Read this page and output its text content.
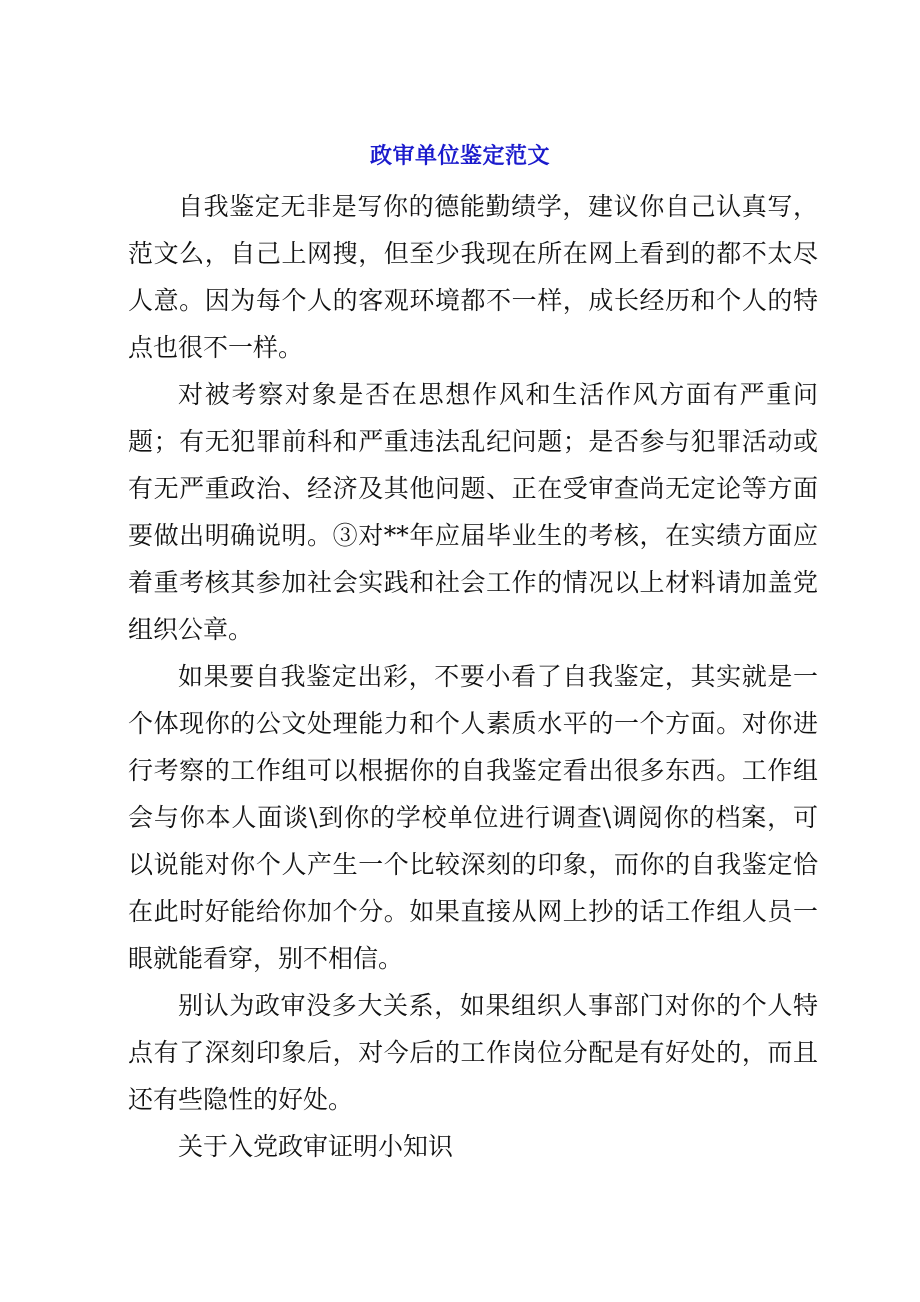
政审单位鉴定范文

自我鉴定无非是写你的德能勤绩学，建议你自己认真写，范文么，自己上网搜，但至少我现在所在网上看到的都不太尽人意。因为每个人的客观环境都不一样，成长经历和个人的特点也很不一样。

对被考察对象是否在思想作风和生活作风方面有严重问题；有无犯罪前科和严重违法乱纪问题；是否参与犯罪活动或有无严重政治、经济及其他问题、正在受审查尚无定论等方面要做出明确说明。③对**年应届毕业生的考核，在实绩方面应着重考核其参加社会实践和社会工作的情况以上材料请加盖党组织公章。

如果要自我鉴定出彩，不要小看了自我鉴定，其实就是一个体现你的公文处理能力和个人素质水平的一个方面。对你进行考察的工作组可以根据你的自我鉴定看出很多东西。工作组会与你本人面谈\到你的学校单位进行调查\调阅你的档案，可以说能对你个人产生一个比较深刻的印象，而你的自我鉴定恰在此时好能给你加个分。如果直接从网上抄的话工作组人员一眼就能看穿，别不相信。

别认为政审没多大关系，如果组织人事部门对你的个人特点有了深刻印象后，对今后的工作岗位分配是有好处的，而且还有些隐性的好处。

关于入党政审证明小知识
